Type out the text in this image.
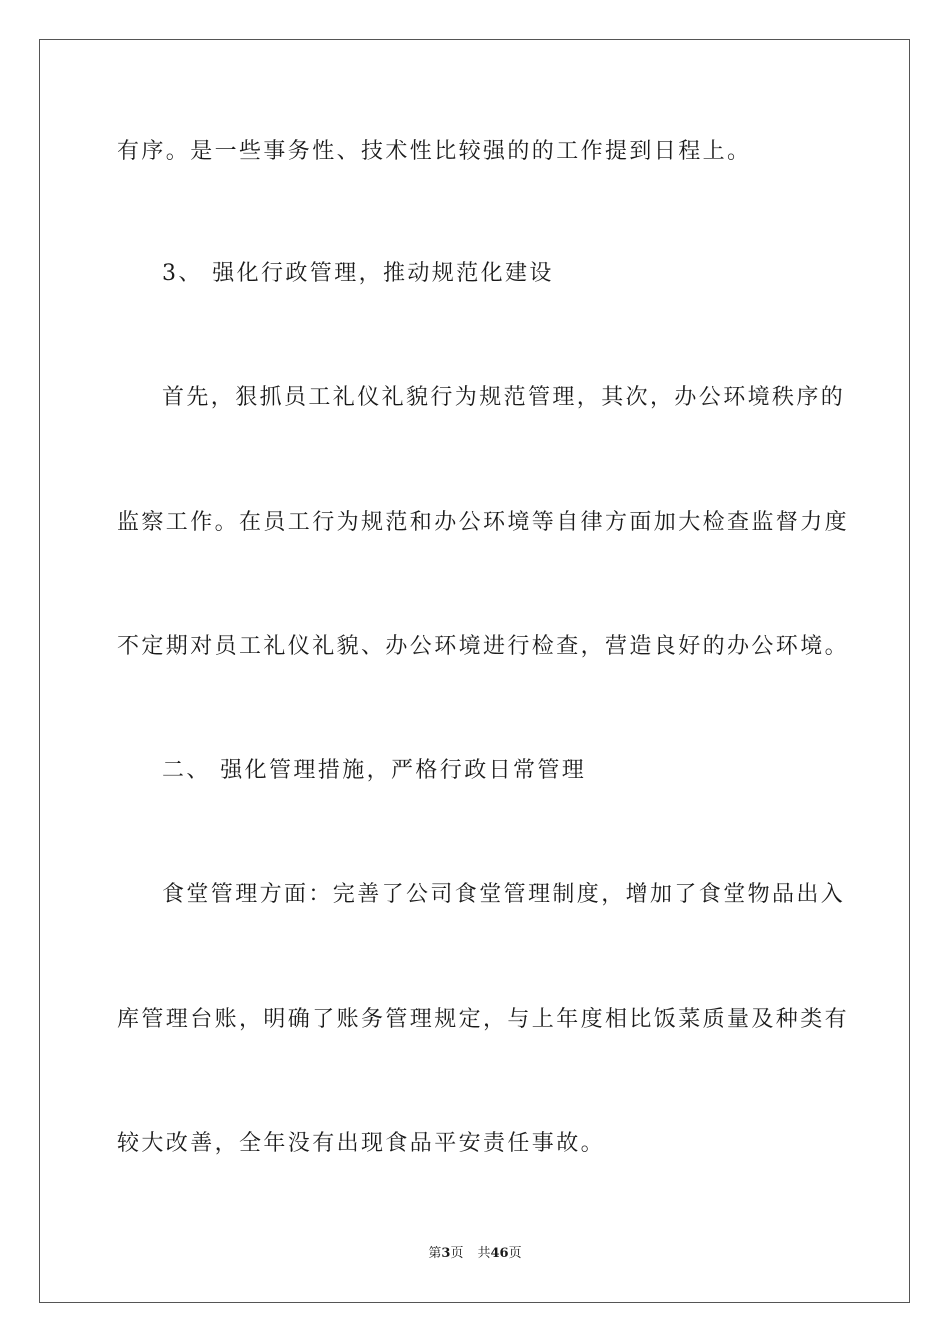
有序。是一些事务性、技术性比较强的的工作提到日程上。
3、 强化行政管理，推动规范化建设
首先，狠抓员工礼仪礼貌行为规范管理，其次，办公环境秩序的
监察工作。在员工行为规范和办公环境等自律方面加大检查监督力度
不定期对员工礼仪礼貌、办公环境进行检查，营造良好的办公环境。
二、 强化管理措施，严格行政日常管理
食堂管理方面：完善了公司食堂管理制度，增加了食堂物品出入
库管理台账，明确了账务管理规定，与上年度相比饭菜质量及种类有
较大改善，全年没有出现食品平安责任事故。
第3页 共46页
